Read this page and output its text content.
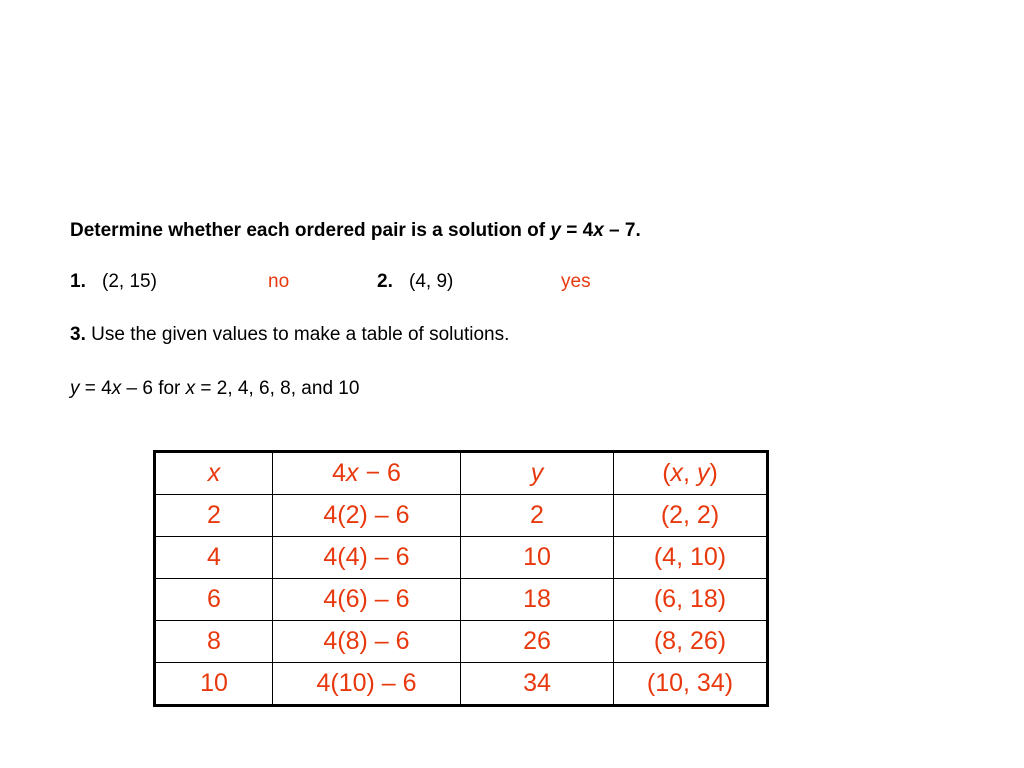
Determine whether each ordered pair is a solution of y = 4x – 7.
1. (2, 15)	no	2. (4, 9)	yes
3. Use the given values to make a table of solutions.
y = 4x – 6 for x = 2, 4, 6, 8, and 10
x	4x − 6	y	(x, y)
2	4(2) – 6	2	(2, 2)
4	4(4) – 6	10	(4, 10)
6	4(6) – 6	18	(6, 18)
8	4(8) – 6	26	(8, 26)
10	4(10) – 6	34	(10, 34)
